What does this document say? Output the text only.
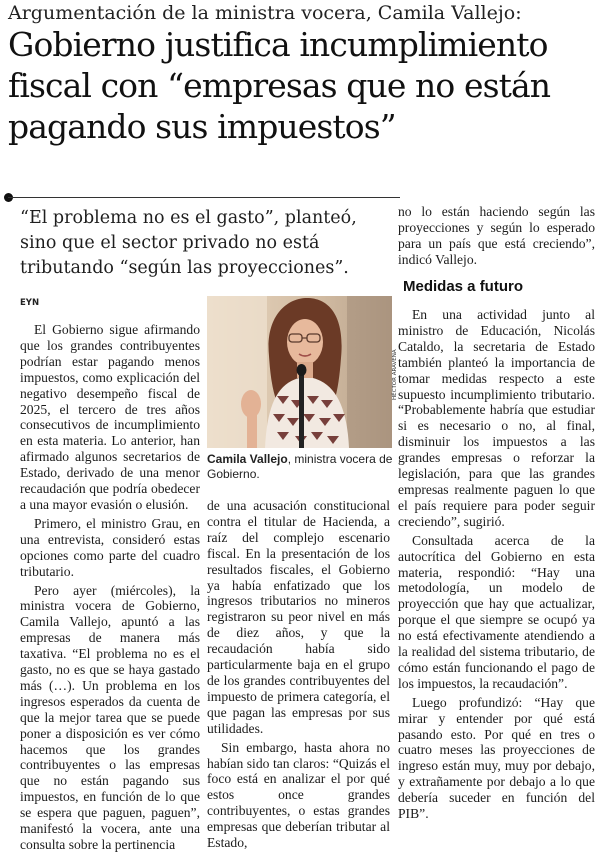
Argumentación de la ministra vocera, Camila Vallejo:
Gobierno justifica incumplimiento
fiscal con “empresas que no están
pagando sus impuestos”
“El problema no es el gasto”, planteó,
sino que el sector privado no está
tributando “según las proyecciones”.
EYN

El Gobierno sigue afirmando que los grandes contribuyentes podrían estar pagando menos impuestos, como explicación del negativo desempeño fiscal de 2025, el tercero de tres años consecutivos de incumplimiento en esta materia. Lo anterior, han afirmado algunos secretarios de Estado, derivado de una menor recaudación que podría obedecer a una mayor evasión o elusión.

Primero, el ministro Grau, en una entrevista, consideró estas opciones como parte del cuadro tributario.

Pero ayer (miércoles), la ministra vocera de Gobierno, Camila Vallejo, apuntó a las empresas de manera más taxativa. “El problema no es el gasto, no es que se haya gastado más (…). Un problema en los ingresos esperados da cuenta de que la mejor tarea que se puede poner a disposición es ver cómo hacemos que los grandes contribuyentes o las empresas que no están pagando sus impuestos, en función de lo que se espera que paguen, paguen”, manifestó la vocera, ante una consulta sobre la pertinencia

HÉCTOR ARAVENA
Camila Vallejo, ministra vocera de Gobierno.

de una acusación constitucional contra el titular de Hacienda, a raíz del complejo escenario fiscal. En la presentación de los resultados fiscales, el Gobierno ya había enfatizado que los ingresos tributarios no mineros registraron su peor nivel en más de diez años, y que la recaudación había sido particularmente baja en el grupo de los grandes contribuyentes del impuesto de primera categoría, el que pagan las empresas por sus utilidades.

Sin embargo, hasta ahora no habían sido tan claros: “Quizás el foco está en analizar el por qué estos once grandes contribuyentes, o estas grandes empresas que deberían tributar al Estado,

no lo están haciendo según las proyecciones y según lo esperado para un país que está creciendo”, indicó Vallejo.

Medidas a futuro

En una actividad junto al ministro de Educación, Nicolás Cataldo, la secretaria de Estado también planteó la importancia de tomar medidas respecto a este supuesto incumplimiento tributario. “Probablemente habría que estudiar si es necesario o no, al final, disminuir los impuestos a las grandes empresas o reforzar la legislación, para que las grandes empresas realmente paguen lo que el país requiere para poder seguir creciendo”, sugirió.

Consultada acerca de la autocrítica del Gobierno en esta materia, respondió: “Hay una metodología, un modelo de proyección que hay que actualizar, porque el que siempre se ocupó ya no está efectivamente atendiendo a la realidad del sistema tributario, de cómo están funcionando el pago de los impuestos, la recaudación”.

Luego profundizó: “Hay que mirar y entender por qué está pasando esto. Por qué en tres o cuatro meses las proyecciones de ingreso están muy, muy por debajo, y extrañamente por debajo a lo que debería suceder en función del PIB”.
